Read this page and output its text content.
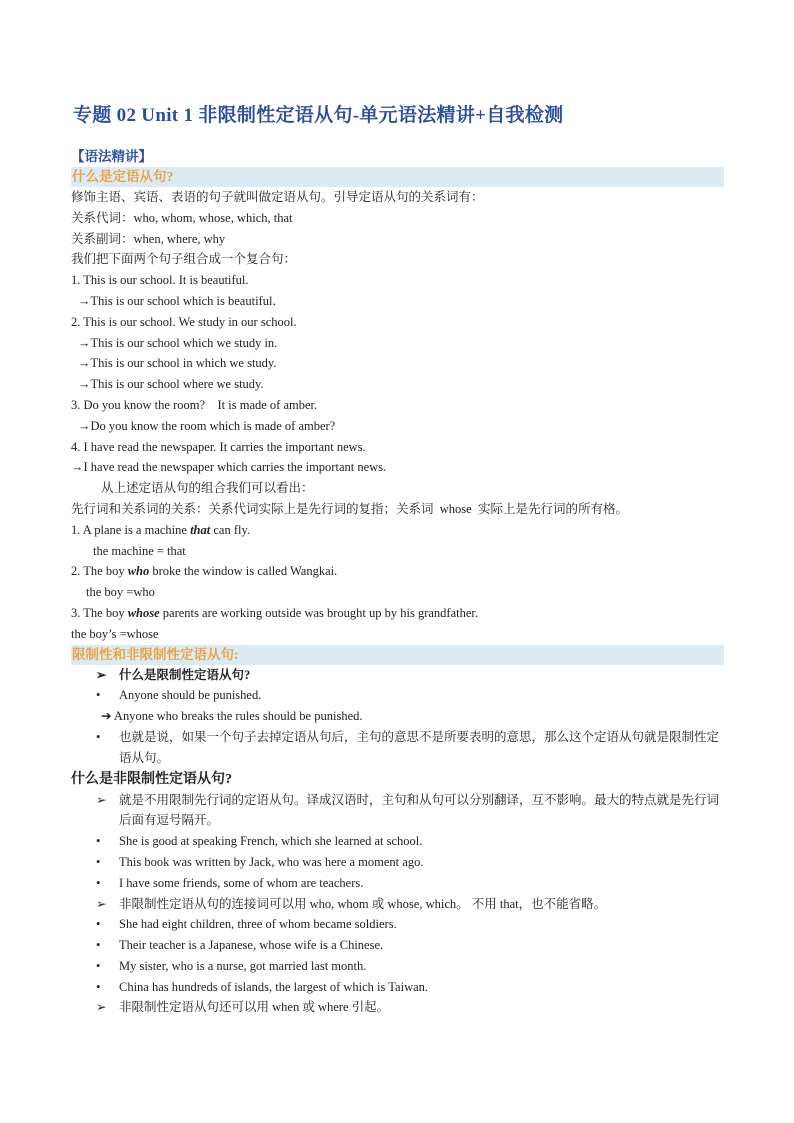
专题 02 Unit 1 非限制性定语从句-单元语法精讲+自我检测
【语法精讲】
什么是定语从句?
修饰主语、宾语、表语的句子就叫做定语从句。引导定语从句的关系词有：
关系代词：who, whom, whose, which, that
关系副词：when, where, why
我们把下面两个句子组合成一个复合句：
1. This is our school. It is beautiful.
→This is our school which is beautiful．
2. This is our school. We study in our school.
→This is our school which we study in.
→This is our school in which we study.
→This is our school where we study.
3. Do you know the room?    It is made of amber.
→Do you know the room which is made of amber?
4. I have read the newspaper. It carries the important news.
→I have read the newspaper which carries the important news.
从上述定语从句的组合我们可以看出：
先行词和关系词的关系：关系代词实际上是先行词的复指；关系词  whose  实际上是先行词的所有格。
1. A plane is a machine that can fly.
the machine = that
2. The boy who broke the window is called Wangkai.
the boy =who
3. The boy whose parents are working outside was brought up by his grandfather.
the boy’s =whose
限制性和非限制性定语从句:
➢	什么是限制性定语从句?
•	Anyone should be punished.
➔ Anyone who breaks the rules should be punished.
•	也就是说，如果一个句子去掉定语从句后，主句的意思不是所要表明的意思，那么这个定语从句就是限制性定语从句。
什么是非限制性定语从句?
➢	就是不用限制先行词的定语从句。译成汉语时，主句和从句可以分别翻译，互不影响。最大的特点就是先行词后面有逗号隔开。
•	She is good at speaking French, which she learned at school.
•	This book was written by Jack, who was here a moment ago.
•	I have some friends, some of whom are teachers.
➢	非限制性定语从句的连接词可以用 who, whom 或 whose, which。 不用 that，也不能省略。
•	She had eight children, three of whom became soldiers.
•	Their teacher is a Japanese, whose wife is a Chinese.
•	My sister, who is a nurse, got married last month.
•	China has hundreds of islands, the largest of which is Taiwan.
➢	非限制性定语从句还可以用 when 或 where 引起。
